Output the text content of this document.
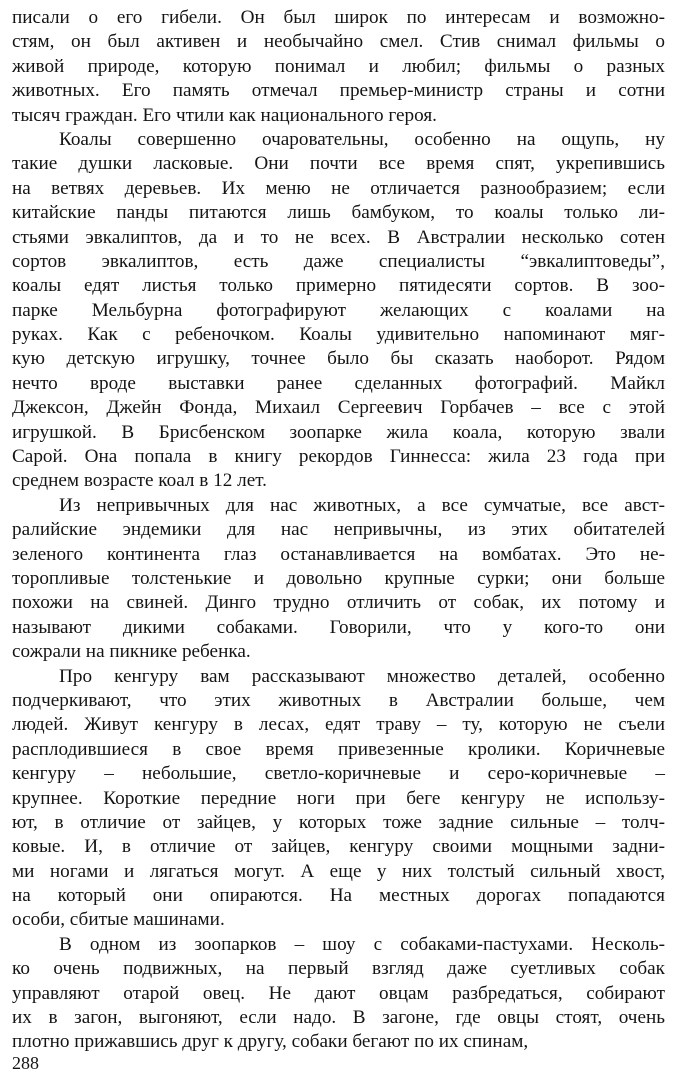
писали о его гибели. Он был широк по интересам и возможно-
стям, он был активен и необычайно смел. Стив снимал фильмы о
живой природе, которую понимал и любил; фильмы о разных
животных. Его память отмечал премьер-министр страны и сотни
тысяч граждан. Его чтили как национального героя.
Коалы совершенно очаровательны, особенно на ощупь, ну
такие душки ласковые. Они почти все время спят, укрепившись
на ветвях деревьев. Их меню не отличается разнообразием; если
китайские панды питаются лишь бамбуком, то коалы только ли-
стьями эвкалиптов, да и то не всех. В Австралии несколько сотен
сортов эвкалиптов, есть даже специалисты “эвкалиптоведы”,
коалы едят листья только примерно пятидесяти сортов. В зоо-
парке Мельбурна фотографируют желающих с коалами на
руках. Как с ребеночком. Коалы удивительно напоминают мяг-
кую детскую игрушку, точнее было бы сказать наоборот. Рядом
нечто вроде выставки ранее сделанных фотографий. Майкл
Джексон, Джейн Фонда, Михаил Сергеевич Горбачев – все с этой
игрушкой. В Брисбенском зоопарке жила коала, которую звали
Сарой. Она попала в книгу рекордов Гиннесса: жила 23 года при
среднем возрасте коал в 12 лет.
Из непривычных для нас животных, а все сумчатые, все авст-
ралийские эндемики для нас непривычны, из этих обитателей
зеленого континента глаз останавливается на вомбатах. Это не-
торопливые толстенькие и довольно крупные сурки; они больше
похожи на свиней. Динго трудно отличить от собак, их потому и
называют дикими собаками. Говорили, что у кого-то они
сожрали на пикнике ребенка.
Про кенгуру вам рассказывают множество деталей, особенно
подчеркивают, что этих животных в Австралии больше, чем
людей. Живут кенгуру в лесах, едят траву – ту, которую не съели
расплодившиеся в свое время привезенные кролики. Коричневые
кенгуру – небольшие, светло-коричневые и серо-коричневые –
крупнее. Короткие передние ноги при беге кенгуру не использу-
ют, в отличие от зайцев, у которых тоже задние сильные – толч-
ковые. И, в отличие от зайцев, кенгуру своими мощными задни-
ми ногами и лягаться могут. А еще у них толстый сильный хвост,
на который они опираются. На местных дорогах попадаются
особи, сбитые машинами.
В одном из зоопарков – шоу с собаками-пастухами. Несколь-
ко очень подвижных, на первый взгляд даже суетливых собак
управляют отарой овец. Не дают овцам разбредаться, собирают
их в загон, выгоняют, если надо. В загоне, где овцы стоят, очень
плотно прижавшись друг к другу, собаки бегают по их спинам,
288
